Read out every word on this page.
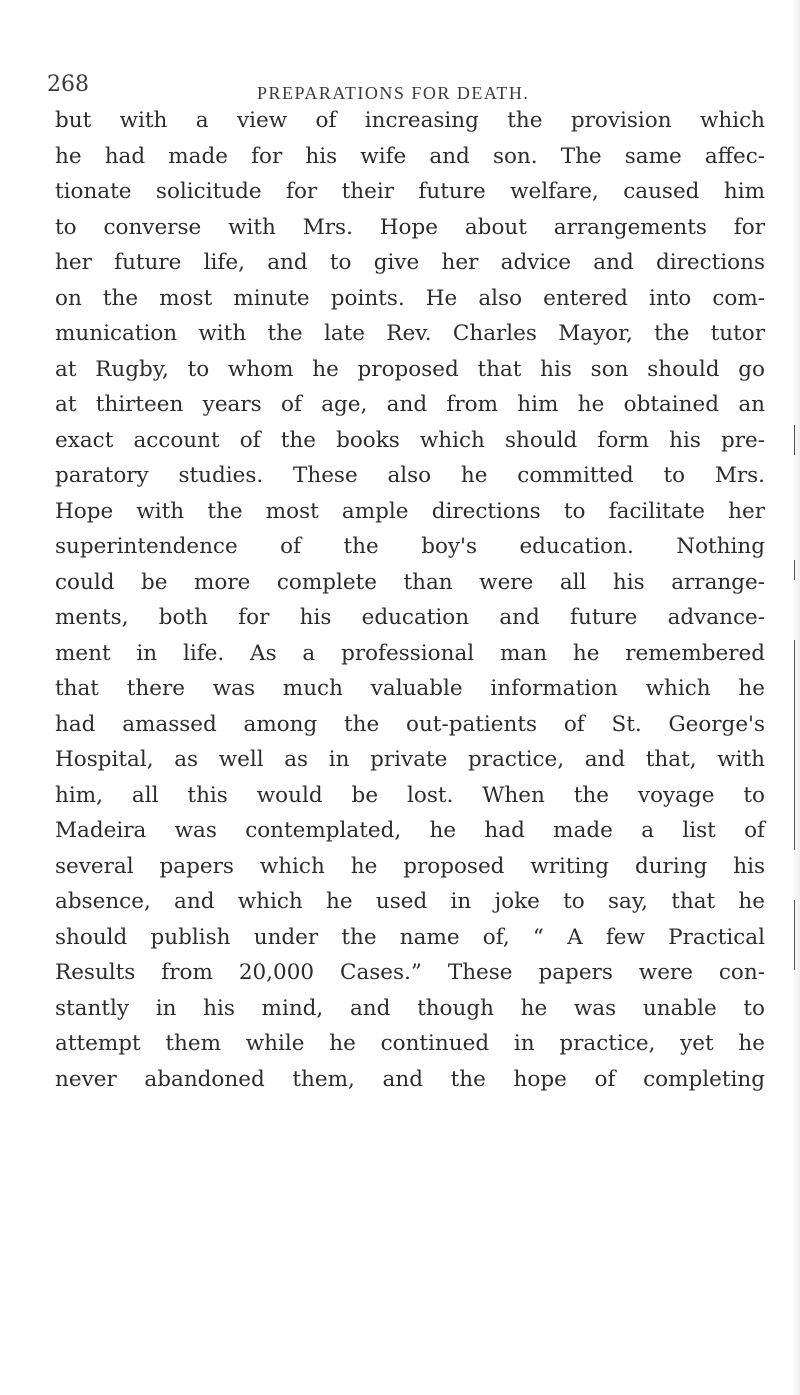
268	PREPARATIONS FOR DEATH.
but with a view of increasing the provision which
he had made for his wife and son. The same affec-
tionate solicitude for their future welfare, caused him
to converse with Mrs. Hope about arrangements for
her future life, and to give her advice and directions
on the most minute points. He also entered into com-
munication with the late Rev. Charles Mayor, the tutor
at Rugby, to whom he proposed that his son should go
at thirteen years of age, and from him he obtained an
exact account of the books which should form his pre-
paratory studies. These also he committed to Mrs.
Hope with the most ample directions to facilitate her
superintendence of the boy's education. Nothing
could be more complete than were all his arrange-
ments, both for his education and future advance-
ment in life. As a professional man he remembered
that there was much valuable information which he
had amassed among the out-patients of St. George's
Hospital, as well as in private practice, and that, with
him, all this would be lost. When the voyage to
Madeira was contemplated, he had made a list of
several papers which he proposed writing during his
absence, and which he used in joke to say, that he
should publish under the name of, “ A few Practical
Results from 20,000 Cases.” These papers were con-
stantly in his mind, and though he was unable to
attempt them while he continued in practice, yet he
never abandoned them, and the hope of completing
